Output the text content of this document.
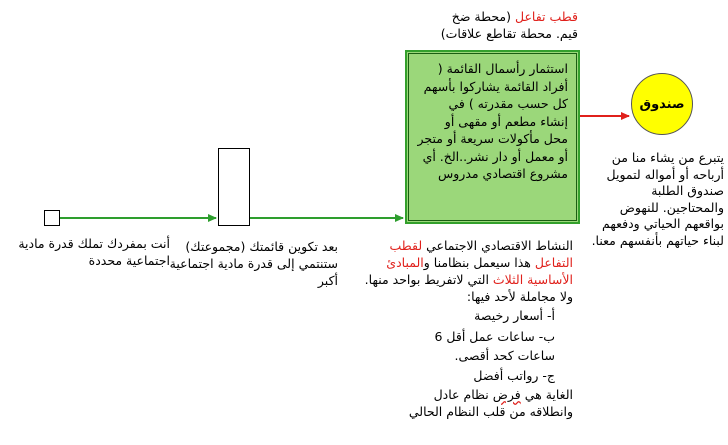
قطب تفاعل (محطة ضخ
قيم. محطة تقاطع علاقات)
استثمار رأسمال القائمة ( أفراد القائمة يشاركوا بأسهم كل حسب مقدرته ) في إنشاء مطعم أو مقهى أو محل مأكولات سريعة أو متجر أو معمل أو دار نشر..الخ. أي مشروع اقتصادي مدروس
صندوق
يتبرع من يشاء منا من أرباحه أو أمواله لتمويل صندوق الطلبة والمحتاجين. للنهوض بواقعهم الحياتي ودفعهم لبناء حياتهم بأنفسهم معنا.
أنت بمفردك تملك قدرة مادية اجتماعية محددة
بعد تكوين قائمتك (مجموعتك) ستنتمي إلى قدرة مادية اجتماعية أكبر
النشاط الاقتصادي الاجتماعي لقطب التفاعل هذا سيعمل بنظامنا والمبادئ الأساسية الثلاث التي لاتفريط بواحد منها. ولا مجاملة لأحد فيها:
أ- أسعار رخيصة
ب- ساعات عمل أقل 6
ساعات كحد أقصى.
ج- رواتب أفضل
الغاية هي فرض نظام عادل
وانطلاقه من قلب النظام الحالي
